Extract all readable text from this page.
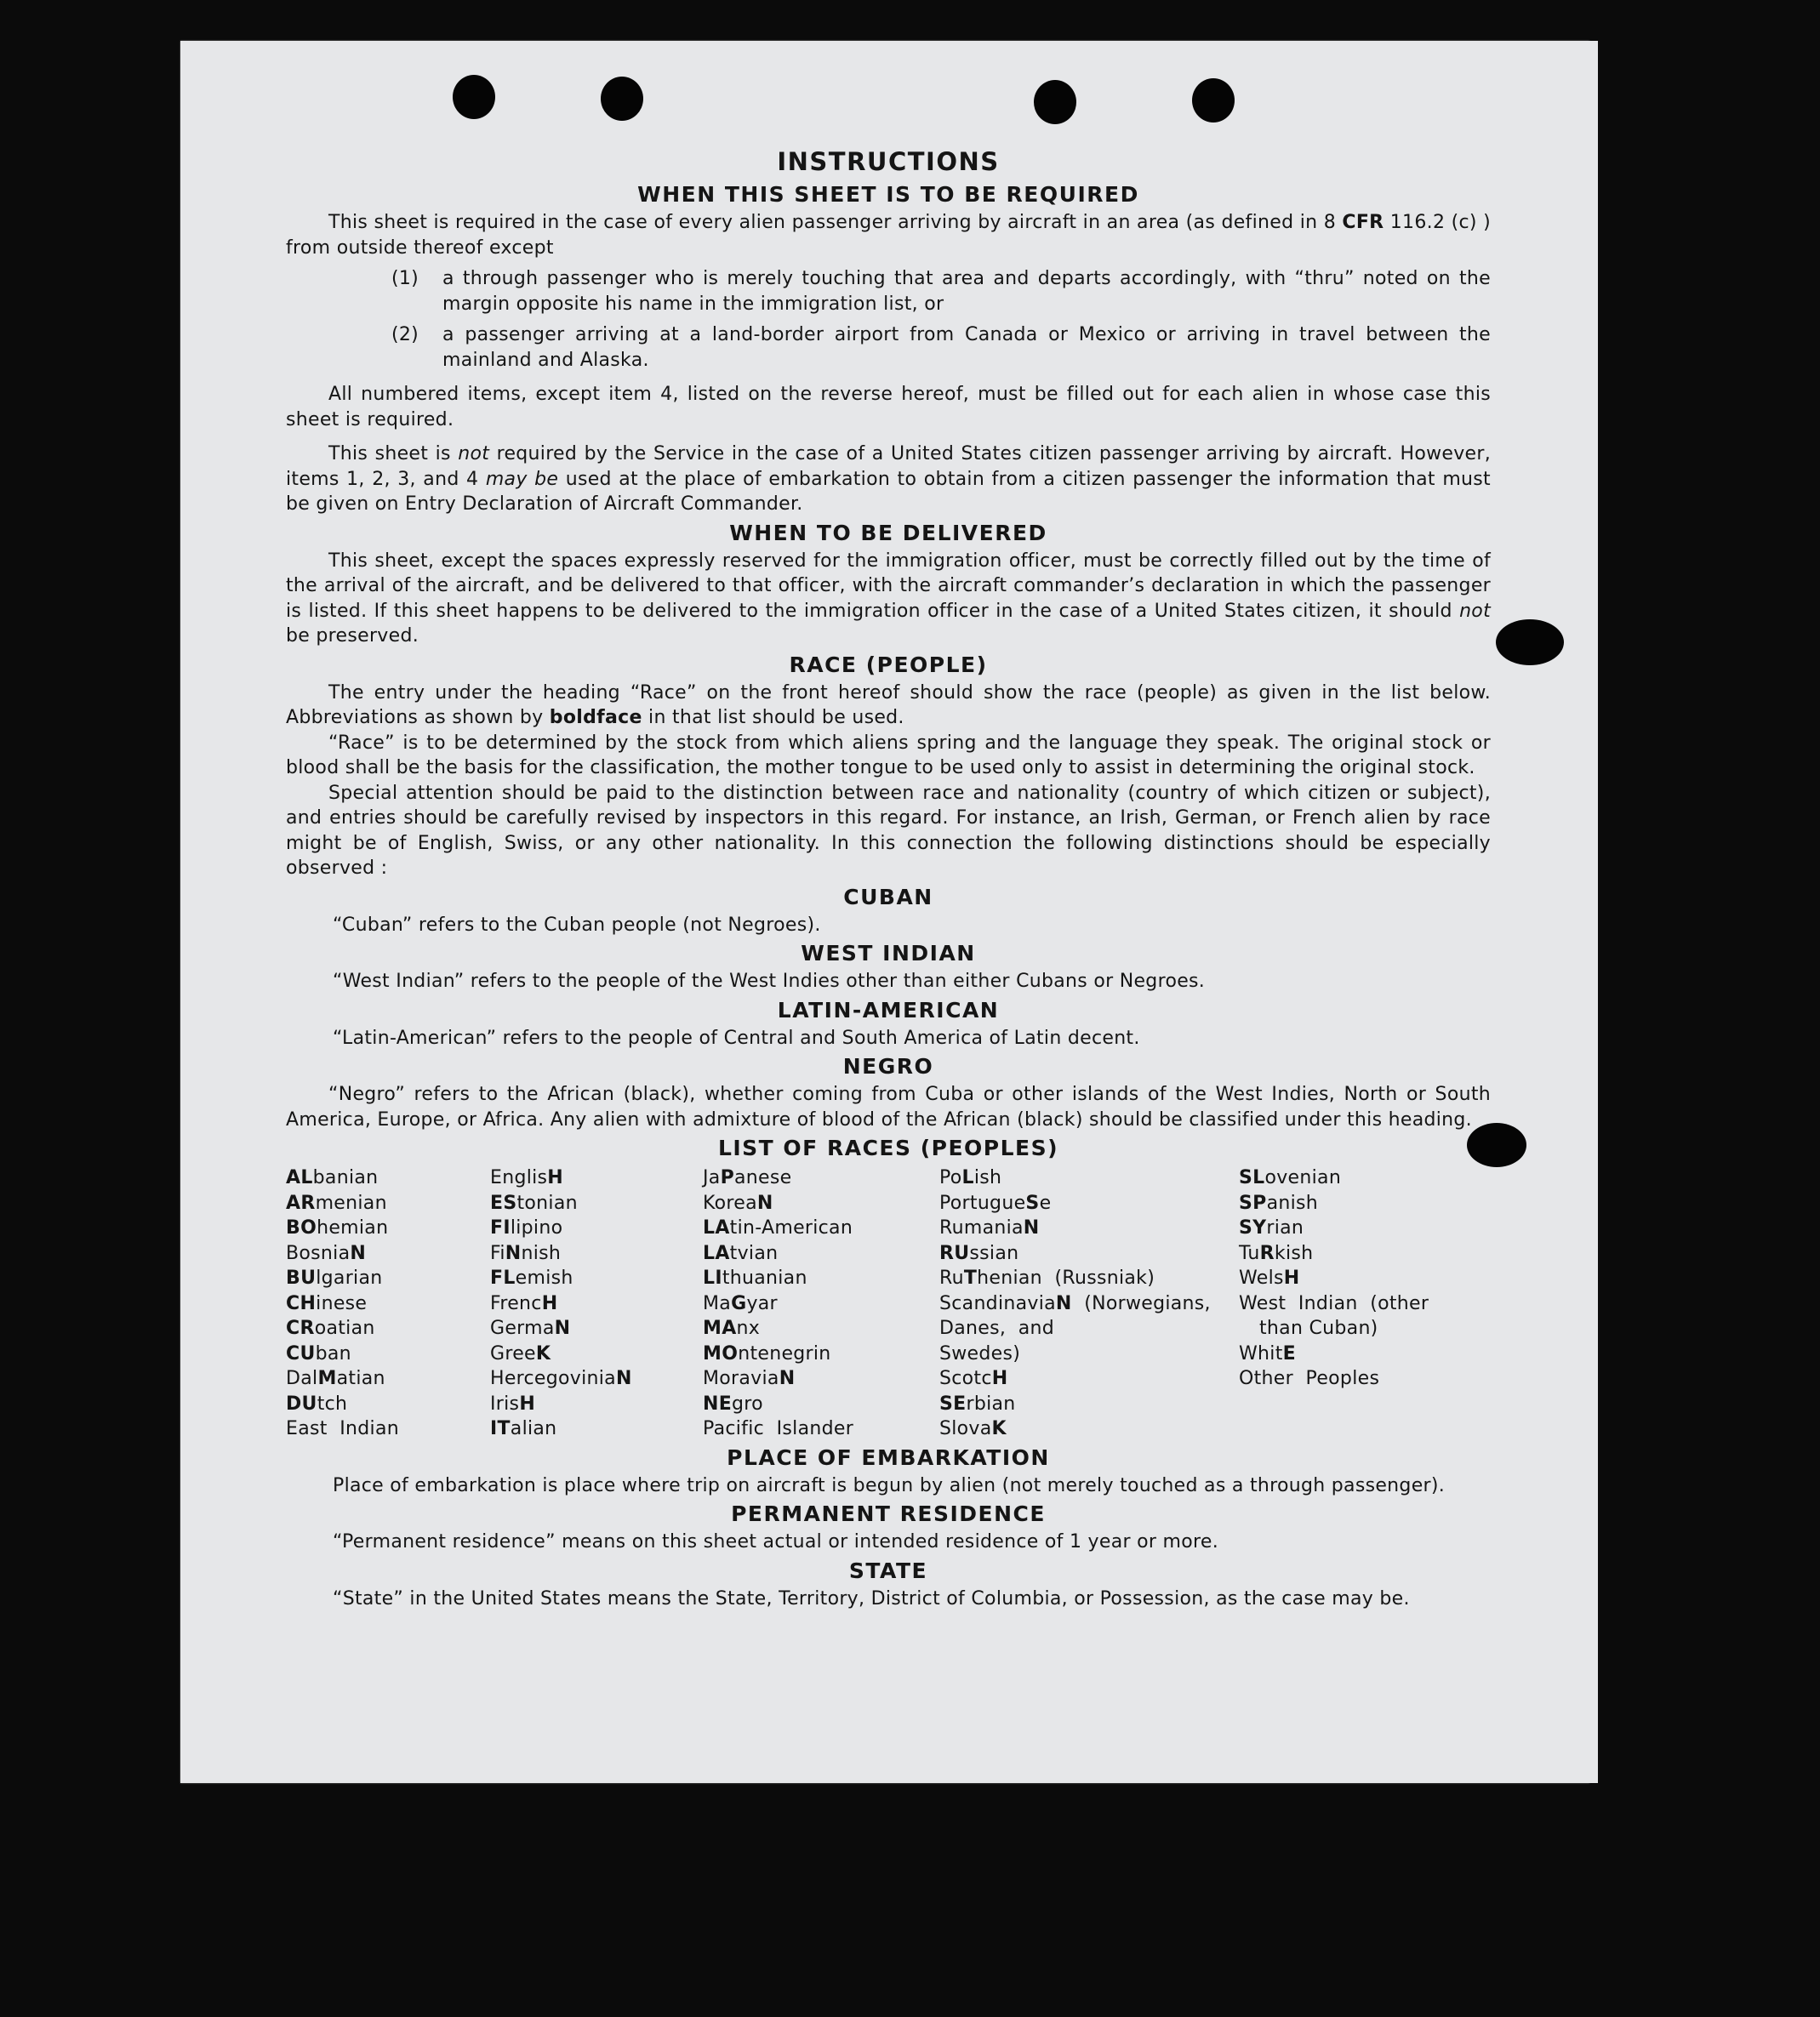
INSTRUCTIONS
WHEN THIS SHEET IS TO BE REQUIRED

This sheet is required in the case of every alien passenger arriving by aircraft in an area (as defined in 8 CFR 116.2 (c) ) from outside thereof except

(1)	a through passenger who is merely touching that area and departs accordingly, with “thru” noted on the margin opposite his name in the immigration list, or
(2)	a passenger arriving at a land-border airport from Canada or Mexico or arriving in travel between the mainland and Alaska.

All numbered items, except item 4, listed on the reverse hereof, must be filled out for each alien in whose case this sheet is required.

This sheet is not required by the Service in the case of a United States citizen passenger arriving by aircraft. However, items 1, 2, 3, and 4 may be used at the place of embarkation to obtain from a citizen passenger the information that must be given on Entry Declaration of Aircraft Commander.

WHEN TO BE DELIVERED

This sheet, except the spaces expressly reserved for the immigration officer, must be correctly filled out by the time of the arrival of the aircraft, and be delivered to that officer, with the aircraft commander’s declaration in which the passenger is listed. If this sheet happens to be delivered to the immigration officer in the case of a United States citizen, it should not be preserved.

RACE (PEOPLE)

The entry under the heading “Race” on the front hereof should show the race (people) as given in the list below. Abbreviations as shown by boldface in that list should be used.

“Race” is to be determined by the stock from which aliens spring and the language they speak. The original stock or blood shall be the basis for the classification, the mother tongue to be used only to assist in determining the original stock.

Special attention should be paid to the distinction between race and nationality (country of which citizen or subject), and entries should be carefully revised by inspectors in this regard. For instance, an Irish, German, or French alien by race might be of English, Swiss, or any other nationality. In this connection the following distinctions should be especially observed :

CUBAN

“Cuban” refers to the Cuban people (not Negroes).

WEST INDIAN

“West Indian” refers to the people of the West Indies other than either Cubans or Negroes.

LATIN-AMERICAN

“Latin-American” refers to the people of Central and South America of Latin decent.

NEGRO

“Negro” refers to the African (black), whether coming from Cuba or other islands of the West Indies, North or South America, Europe, or Africa. Any alien with admixture of blood of the African (black) should be classified under this heading.

LIST OF RACES (PEOPLES)
ALbanian
ARmenian
BOhemian
BosniaN
BUlgarian
CHinese
CRoatian
CUban
DalMatian
DUtch
East  Indian
EnglisH
EStonian
FIlipino
FiNnish
FLemish
FrencH
GermaN
GreeK
HercegoviniaN
IrisH
ITalian
JaPanese
KoreaN
LAtin-American
LAtvian
LIthuanian
MaGyar
MAnx
MOntenegrin
MoraviaN
NEgro
Pacific  Islander
PoLish
PortugueSe
RumaniaN
RUssian
RuThenian  (Russniak)
ScandinaviaN  (Norwegians,
Danes,  and
Swedes)
ScotcH
SErbian
SlovaK
SLovenian
SPanish
SYrian
TuRkish
WelsH
West  Indian  (other
than Cuban)
WhitE
Other  Peoples
PLACE OF EMBARKATION

Place of embarkation is place where trip on aircraft is begun by alien (not merely touched as a through passenger).

PERMANENT RESIDENCE

“Permanent residence” means on this sheet actual or intended residence of 1 year or more.

STATE

“State” in the United States means the State, Territory, District of Columbia, or Possession, as the case may be.
